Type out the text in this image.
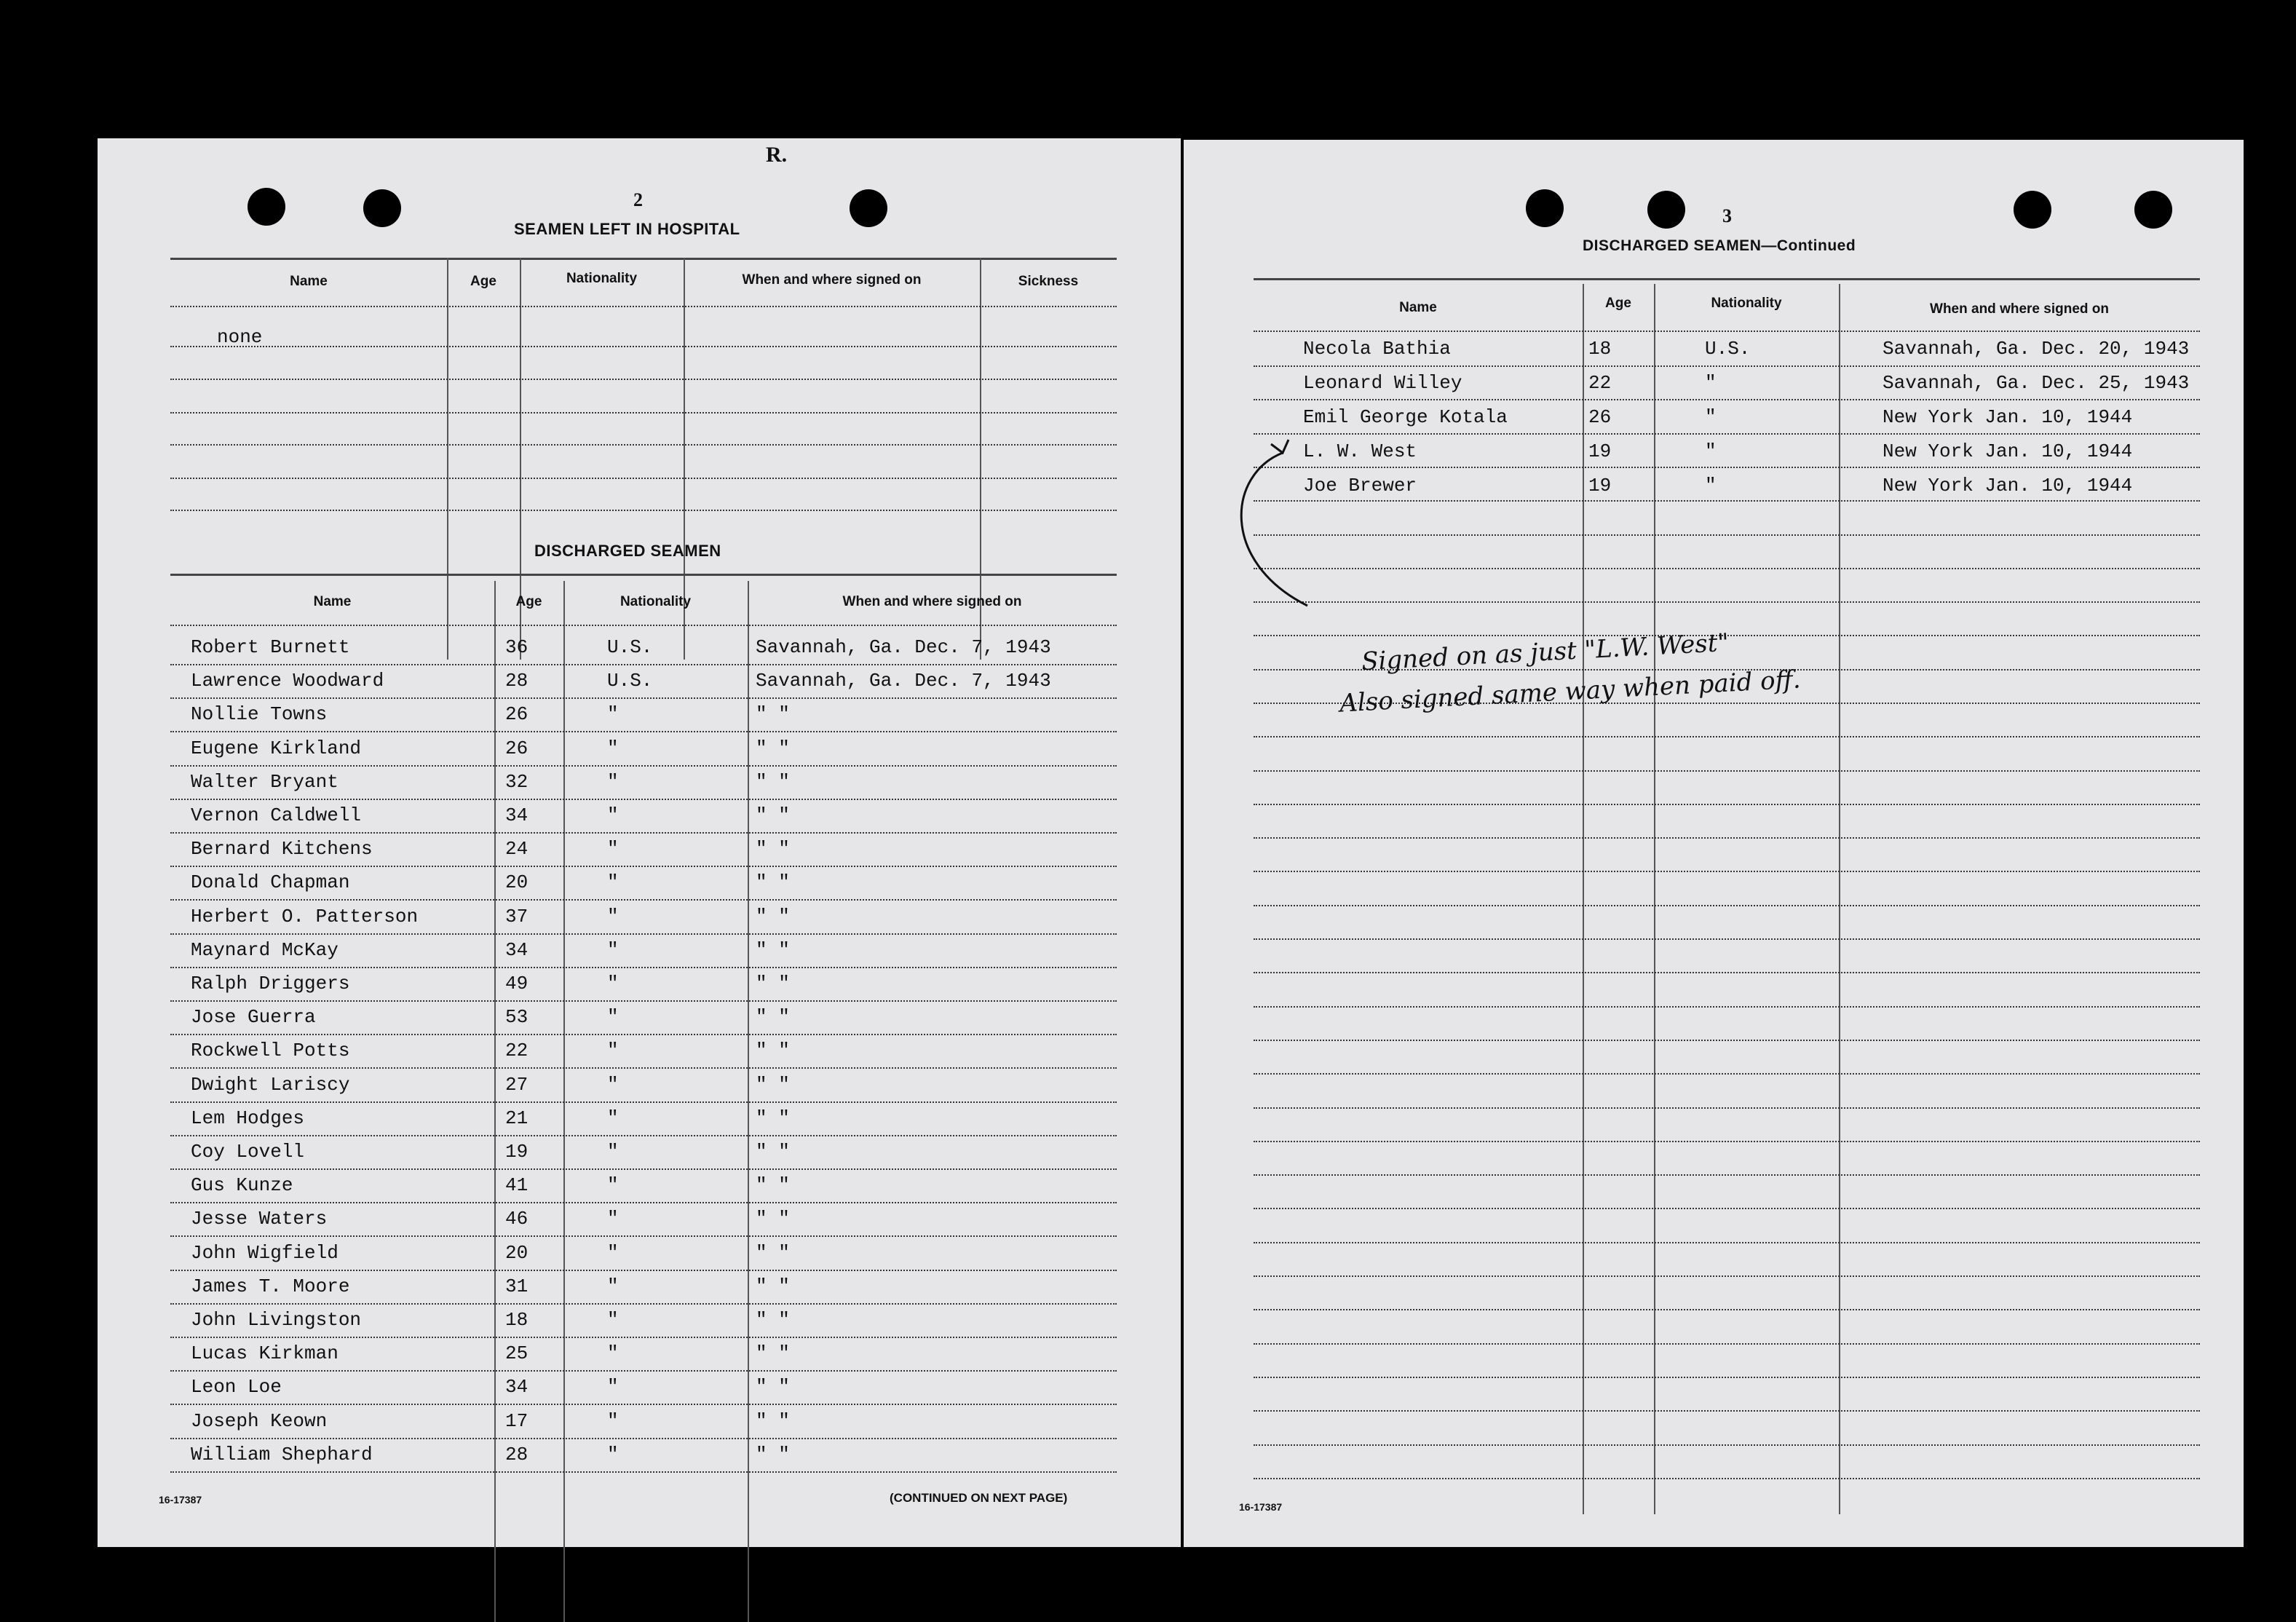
R.
2
SEAMEN LEFT IN HOSPITAL
Name	Age	Nationality	When and where signed on	Sickness
none
DISCHARGED SEAMEN
Name	Age	Nationality	When and where signed on
Robert Burnett	36	U.S.	Savannah, Ga. Dec. 7, 1943
Lawrence Woodward	28	U.S.	Savannah, Ga. Dec. 7, 1943
Nollie Towns	26	"	" "
Eugene Kirkland	26	"	" "
Walter Bryant	32	"	" "
Vernon Caldwell	34	"	" "
Bernard Kitchens	24	"	" "
Donald Chapman	20	"	" "
Herbert O. Patterson	37	"	" "
Maynard McKay	34	"	" "
Ralph Driggers	49	"	" "
Jose Guerra	53	"	" "
Rockwell Potts	22	"	" "
Dwight Lariscy	27	"	" "
Lem Hodges	21	"	" "
Coy Lovell	19	"	" "
Gus Kunze	41	"	" "
Jesse Waters	46	"	" "
John Wigfield	20	"	" "
James T. Moore	31	"	" "
John Livingston	18	"	" "
Lucas Kirkman	25	"	" "
Leon Loe	34	"	" "
Joseph Keown	17	"	" "
William Shephard	28	"	" "
16-17387	(CONTINUED ON NEXT PAGE)
3
DISCHARGED SEAMEN—Continued
Name	Age	Nationality	When and where signed on
Necola Bathia	18	U.S.	Savannah, Ga. Dec. 20, 1943
Leonard Willey	22	"	Savannah, Ga. Dec. 25, 1943
Emil George Kotala	26	"	New York Jan. 10, 1944
L. W. West	19	"	New York Jan. 10, 1944
Joe Brewer	19	"	New York Jan. 10, 1944
Signed on as just "L.W. West"
Also signed same way when paid off.
16-17387
